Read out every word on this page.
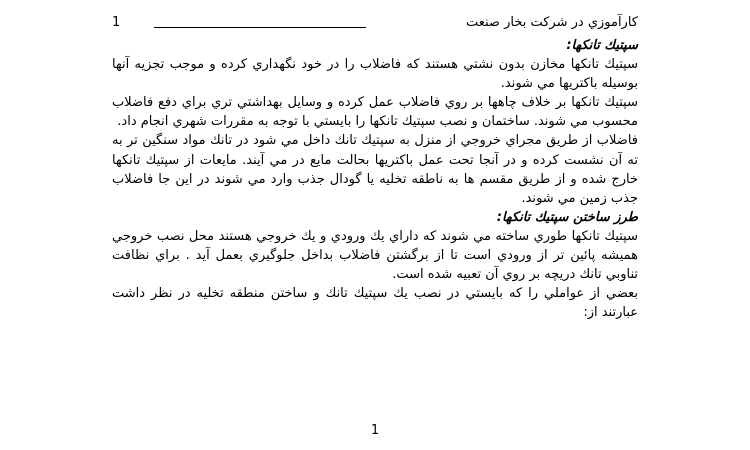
کارآموزي در شرکت بخار صنعت
1

سپتيك تانكها:

سپتيك تانكها مخازن بدون نشتي هستند كه فاضلاب را در خود نگهداري كرده و موجب تجزيه آنها بوسيله باكتريها مي شوند.

سپتيك تانكها بر خلاف چاهها بر روي فاضلاب عمل كرده و وسايل بهداشتي تري براي دفع فاضلاب محسوب مي شوند. ساختمان و نصب سپتيك تانكها را بايستي با توجه به مقررات شهري انجام داد.

فاضلاب از طريق مجراي خروجي از منزل به سپتيك تانك داخل مي شود در تانك مواد سنگين تر به ته آن نشست كرده و در آنجا تحت عمل باكتريها بحالت مايع در مي آيند. مايعات از سپتيك تانكها خارج شده و از طريق مقسم ها به ناطقه تخليه يا گودال جذب وارد مي شوند در اين جا فاضلاب جذب زمين مي شوند.

طرز ساختن سپتيك تانكها:

سپتيك تانكها طوري ساخته مي شوند كه داراي يك ورودي و يك خروجي هستند محل نصب خروجي هميشه پائين تر از ورودي است تا از برگشتن فاضلاب بداخل جلوگيري بعمل آيد . براي نظافت تناوبي تانك دريچه بر روي آن تعبيه شده است.

بعضي از عواملي را كه بايستي در نصب يك سپتيك تانك و ساختن منطقه تخليه در نظر داشت عبارتند از:

1
